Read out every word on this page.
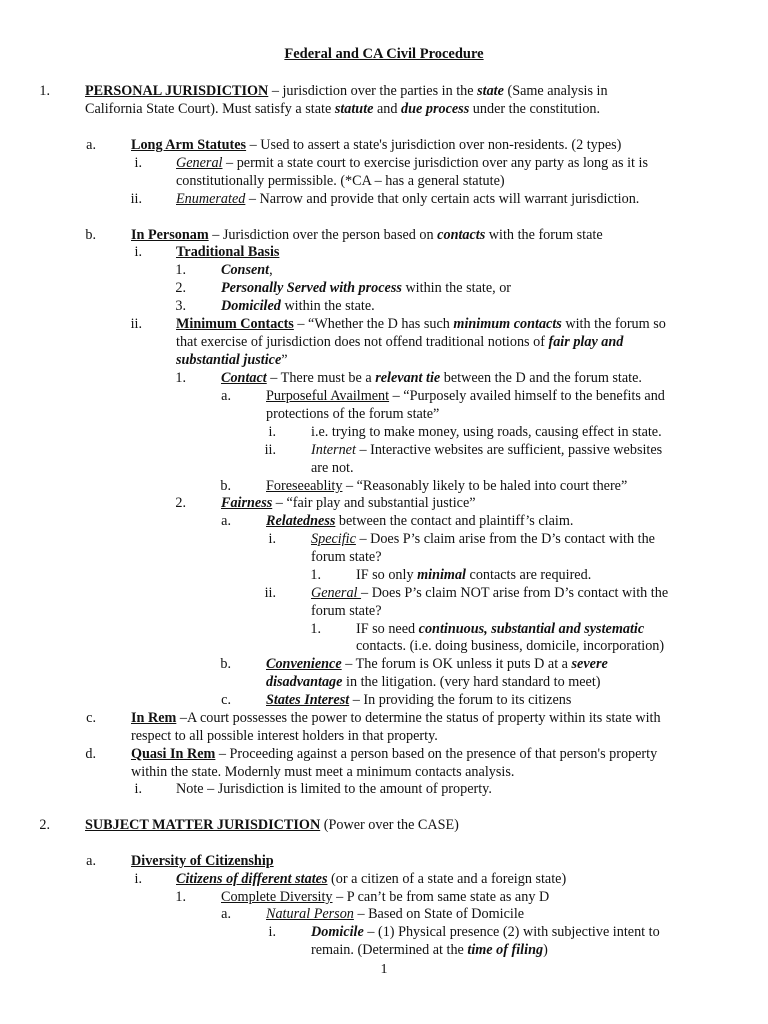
Federal and CA Civil Procedure
1. PERSONAL JURISDICTION – jurisdiction over the parties in the state (Same analysis in
California State Court). Must satisfy a state statute and due process under the constitution.
a. Long Arm Statutes – Used to assert a state's jurisdiction over non-residents. (2 types)
i. General – permit a state court to exercise jurisdiction over any party as long as it is
constitutionally permissible. (*CA – has a general statute)
ii. Enumerated – Narrow and provide that only certain acts will warrant jurisdiction.
b. In Personam – Jurisdiction over the person based on contacts with the forum state
i. Traditional Basis
1. Consent,
2. Personally Served with process within the state, or
3. Domiciled within the state.
ii. Minimum Contacts – “Whether the D has such minimum contacts with the forum so
that exercise of jurisdiction does not offend traditional notions of fair play and
substantial justice”
1. Contact – There must be a relevant tie between the D and the forum state.
a. Purposeful Availment – “Purposely availed himself to the benefits and
protections of the forum state”
i. i.e. trying to make money, using roads, causing effect in state.
ii. Internet – Interactive websites are sufficient, passive websites
are not.
b. Foreseeablity – “Reasonably likely to be haled into court there”
2. Fairness – “fair play and substantial justice”
a. Relatedness between the contact and plaintiff’s claim.
i. Specific – Does P’s claim arise from the D’s contact with the
forum state?
1. IF so only minimal contacts are required.
ii. General – Does P’s claim NOT arise from D’s contact with the
forum state?
1. IF so need continuous, substantial and systematic
contacts. (i.e. doing business, domicile, incorporation)
b. Convenience – The forum is OK unless it puts D at a severe
disadvantage in the litigation. (very hard standard to meet)
c. States Interest – In providing the forum to its citizens
c. In Rem –A court possesses the power to determine the status of property within its state with
respect to all possible interest holders in that property.
d. Quasi In Rem – Proceeding against a person based on the presence of that person's property
within the state. Modernly must meet a minimum contacts analysis.
i. Note – Jurisdiction is limited to the amount of property.
2. SUBJECT MATTER JURISDICTION (Power over the CASE)
a. Diversity of Citizenship
i. Citizens of different states (or a citizen of a state and a foreign state)
1. Complete Diversity – P can’t be from same state as any D
a. Natural Person – Based on State of Domicile
i. Domicile – (1) Physical presence (2) with subjective intent to
remain. (Determined at the time of filing)
1
